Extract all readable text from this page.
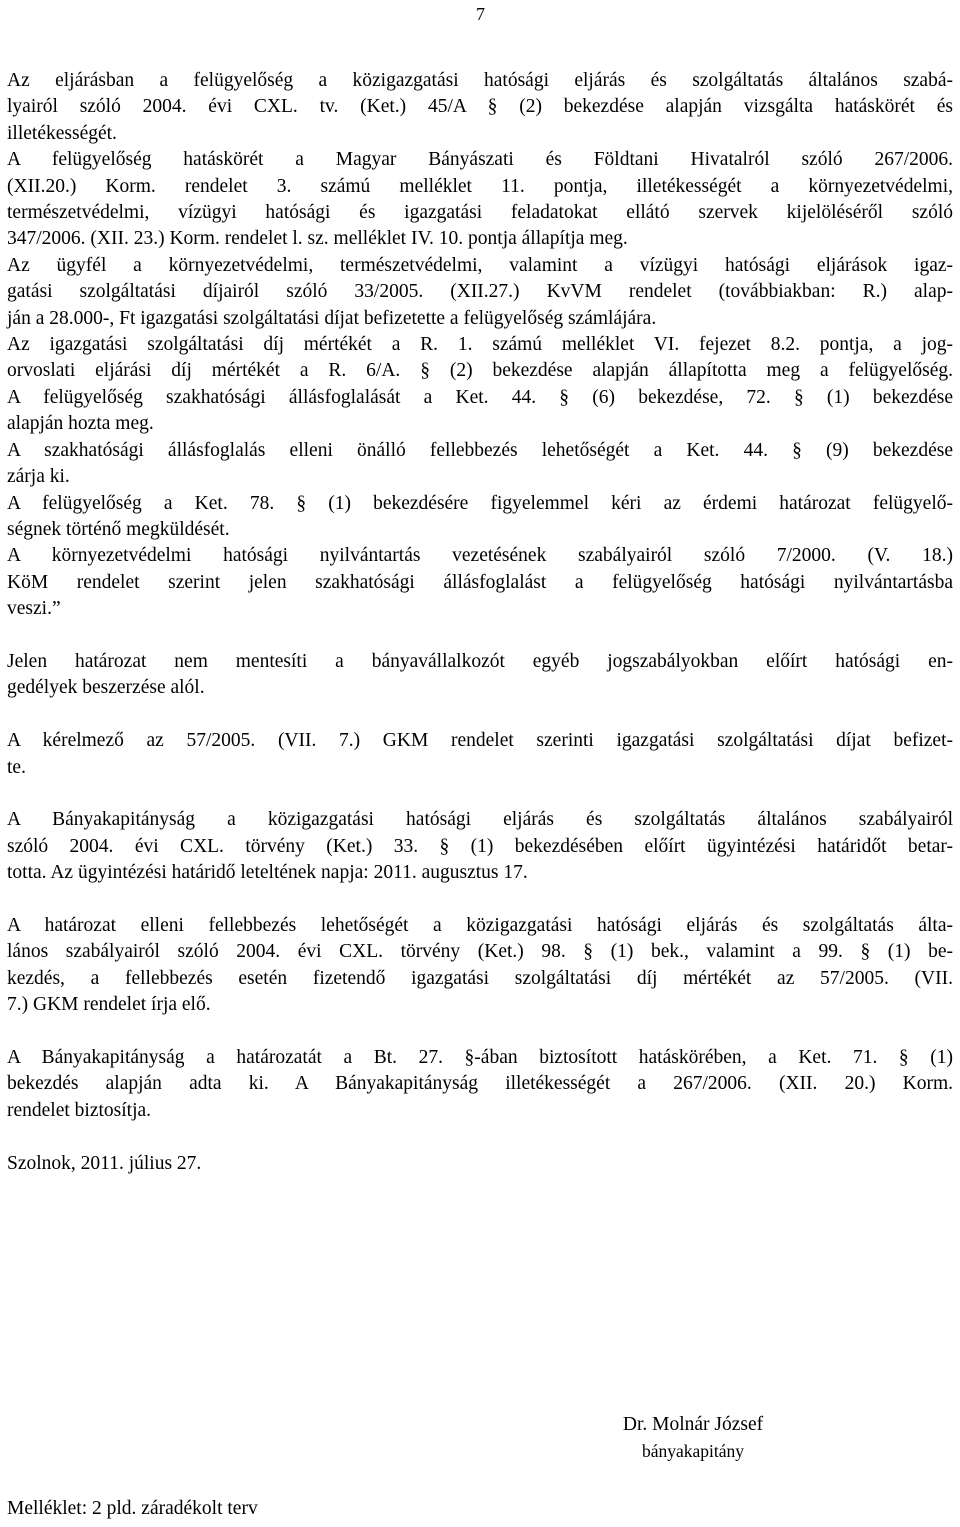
7
Az eljárásban a felügyelőség a közigazgatási hatósági eljárás és szolgáltatás általános szabá-
lyairól szóló 2004. évi CXL. tv. (Ket.) 45/A § (2) bekezdése alapján vizsgálta hatáskörét és
illetékességét.
A felügyelőség hatáskörét a Magyar Bányászati és Földtani Hivatalról szóló 267/2006.
(XII.20.) Korm. rendelet 3. számú melléklet 11. pontja, illetékességét a környezetvédelmi,
természetvédelmi, vízügyi hatósági és igazgatási feladatokat ellátó szervek kijelöléséről szóló
347/2006. (XII. 23.) Korm. rendelet l. sz. melléklet IV. 10. pontja állapítja meg.
Az ügyfél a környezetvédelmi, természetvédelmi, valamint a vízügyi hatósági eljárások igaz-
gatási szolgáltatási díjairól szóló 33/2005. (XII.27.) KvVM rendelet (továbbiakban: R.) alap-
ján a 28.000-, Ft igazgatási szolgáltatási díjat befizetette a felügyelőség számlájára.
Az igazgatási szolgáltatási díj mértékét a R. 1. számú melléklet VI. fejezet 8.2. pontja, a jog-
orvoslati eljárási díj mértékét a R. 6/A. § (2) bekezdése alapján állapította meg a felügyelőség.
A felügyelőség szakhatósági állásfoglalását a Ket. 44. § (6) bekezdése, 72. § (1) bekezdése
alapján hozta meg.
A szakhatósági állásfoglalás elleni önálló fellebbezés lehetőségét a Ket. 44. § (9) bekezdése
zárja ki.
A felügyelőség a Ket. 78. § (1) bekezdésére figyelemmel kéri az érdemi határozat felügyelő-
ségnek történő megküldését.
A környezetvédelmi hatósági nyilvántartás vezetésének szabályairól szóló 7/2000. (V. 18.)
KöM rendelet szerint jelen szakhatósági állásfoglalást a felügyelőség hatósági nyilvántartásba
veszi.”
Jelen határozat nem mentesíti a bányavállalkozót egyéb jogszabályokban előírt hatósági en-
gedélyek beszerzése alól.
A kérelmező az 57/2005. (VII. 7.) GKM rendelet szerinti igazgatási szolgáltatási díjat befizet-
te.
A Bányakapitányság a közigazgatási hatósági eljárás és szolgáltatás általános szabályairól
szóló 2004. évi CXL. törvény (Ket.) 33. § (1) bekezdésében előírt ügyintézési határidőt betar-
totta. Az ügyintézési határidő leteltének napja: 2011. augusztus 17.
A határozat elleni fellebbezés lehetőségét a közigazgatási hatósági eljárás és szolgáltatás álta-
lános szabályairól szóló 2004. évi CXL. törvény (Ket.) 98. § (1) bek., valamint a 99. § (1) be-
kezdés, a fellebbezés esetén fizetendő igazgatási szolgáltatási díj mértékét az 57/2005. (VII.
7.) GKM rendelet írja elő.
A Bányakapitányság a határozatát a Bt. 27. §-ában biztosított hatáskörében, a Ket. 71. § (1)
bekezdés alapján adta ki. A Bányakapitányság illetékességét a 267/2006. (XII. 20.) Korm.
rendelet biztosítja.
Szolnok, 2011. július 27.
Dr. Molnár József
bányakapitány
Melléklet: 2 pld. záradékolt terv
